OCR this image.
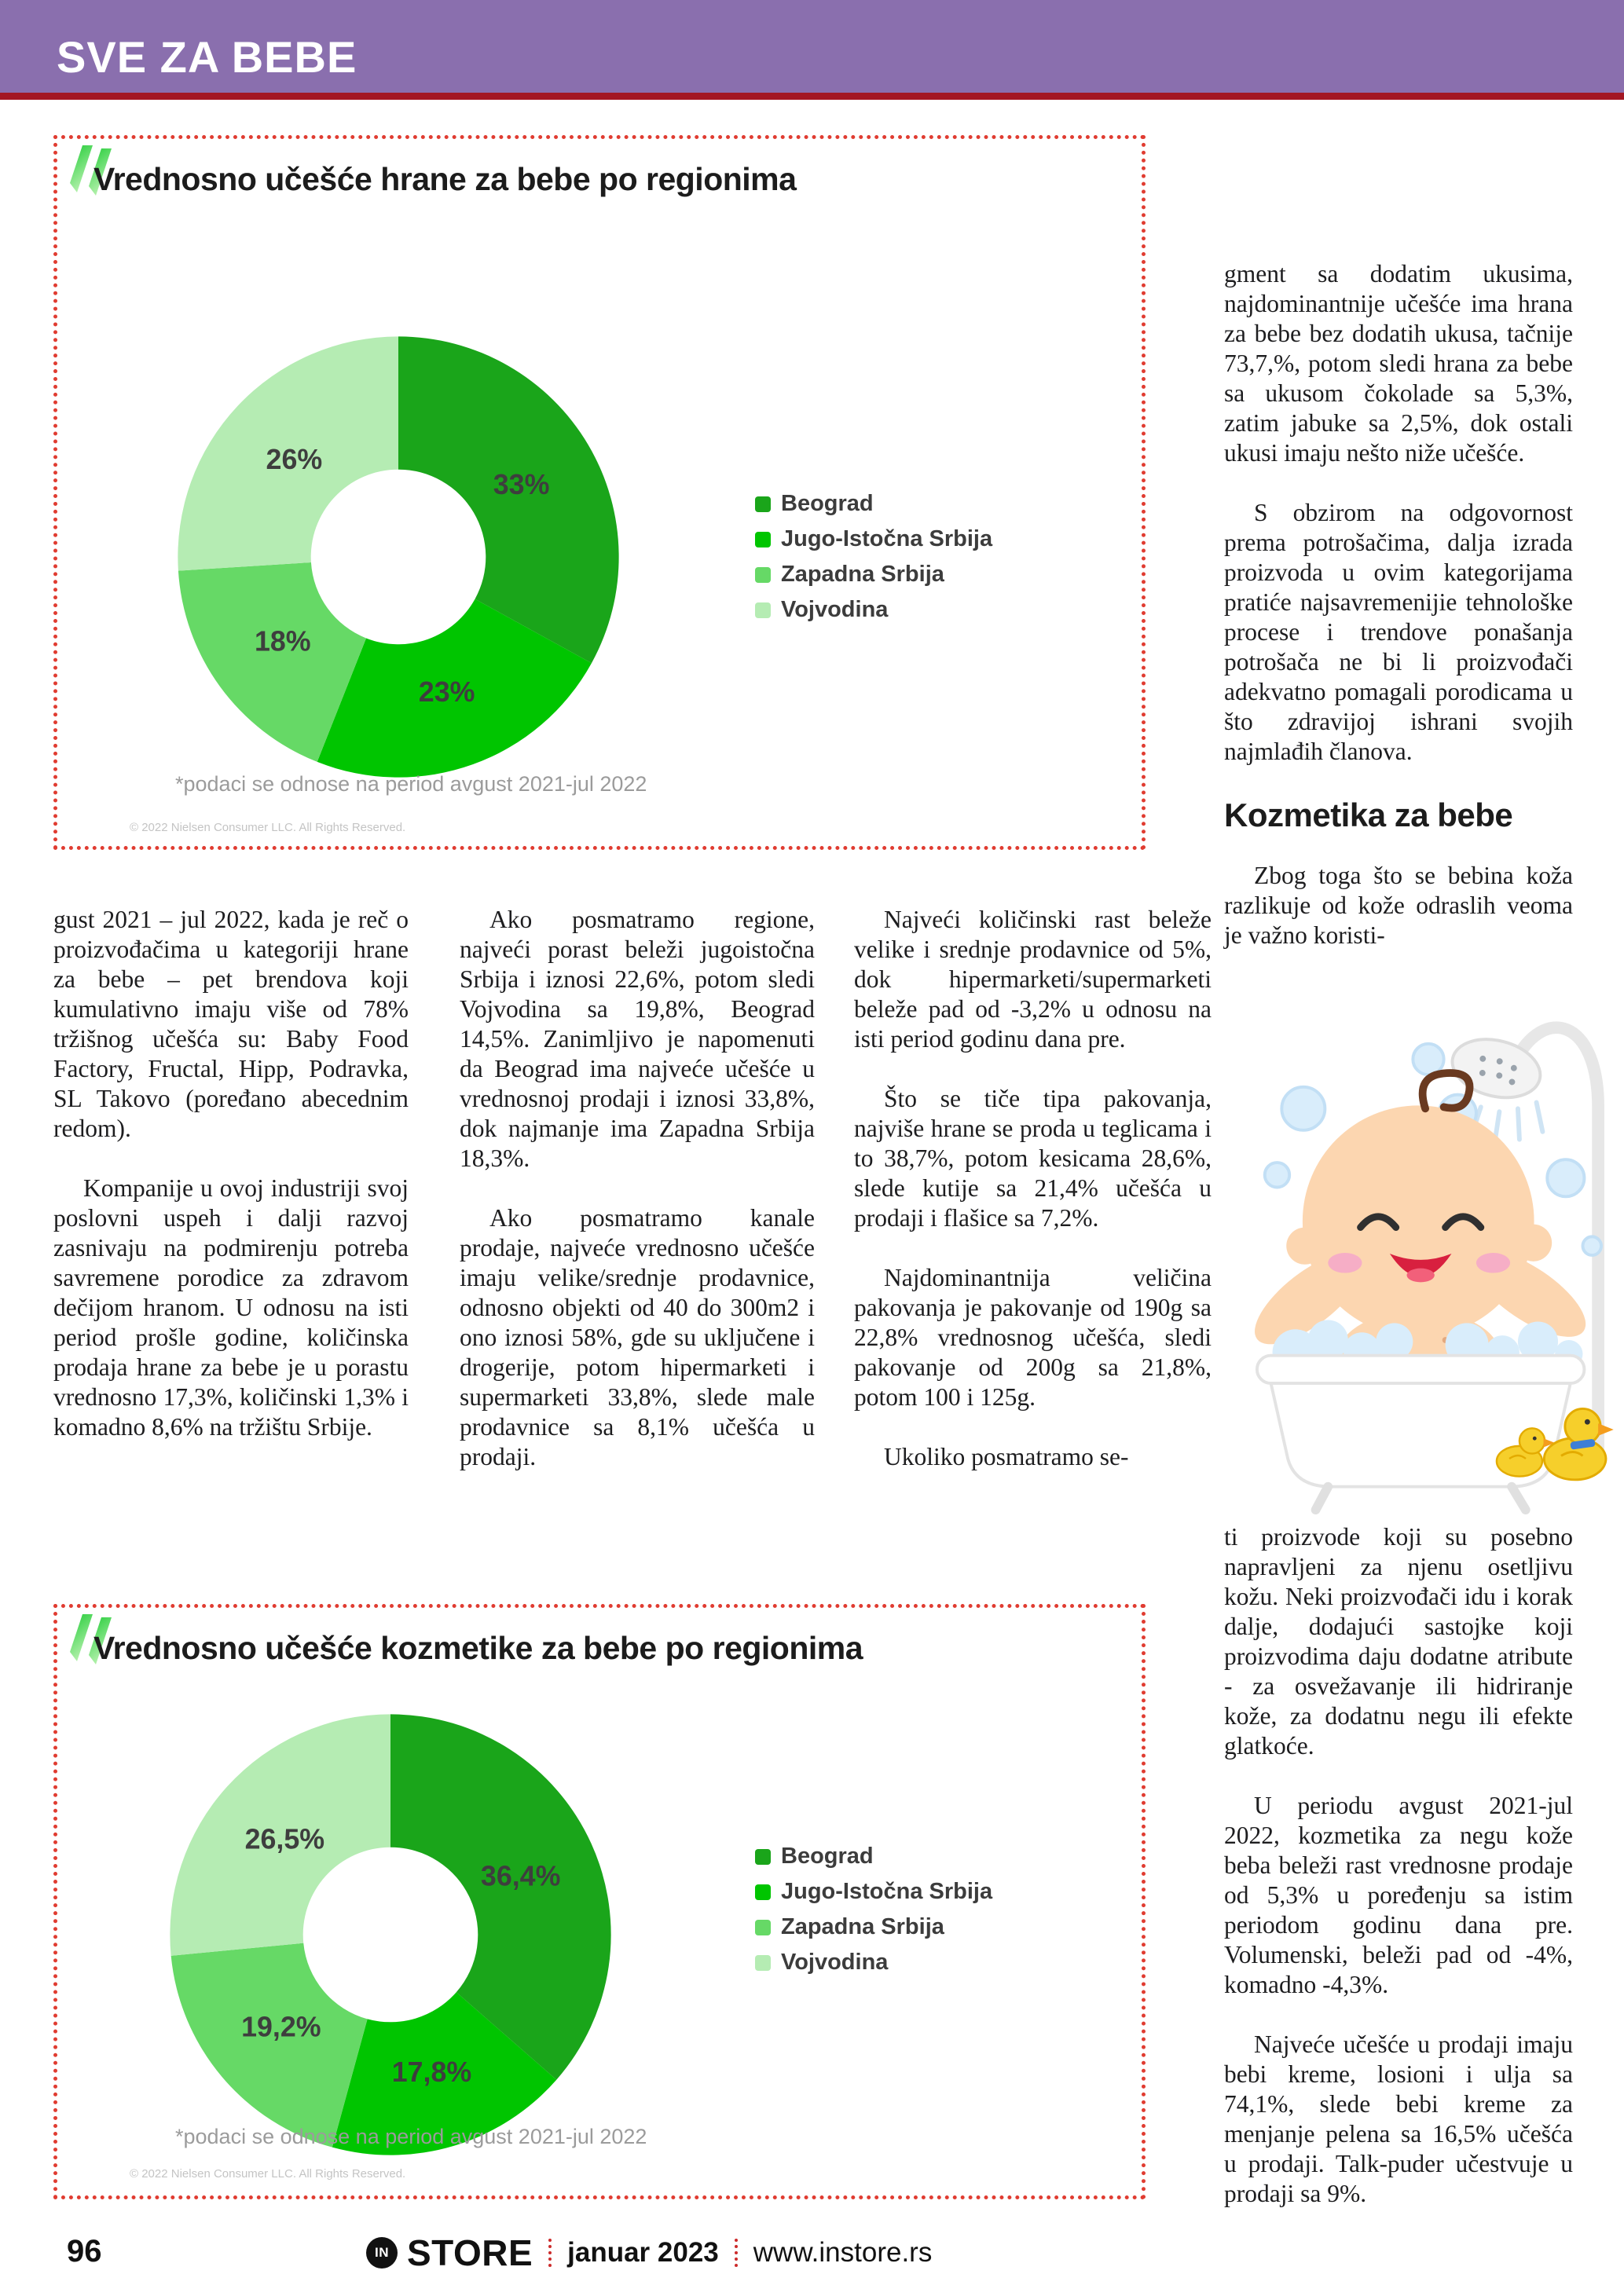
SVE ZA BEBE
Vrednosno učešće hrane za bebe po regionima
33%
23%
18%
26%
Beograd
Jugo-Istočna Srbija
Zapadna Srbija
Vojvodina

*podaci se odnose na period avgust 2021-jul 2022

© 2022 Nielsen Consumer LLC. All Rights Reserved.

gust 2021 – jul 2022, kada je reč o proizvođačima u kategoriji hrane za bebe – pet brendova koji kumulativno imaju više od 78% tržišnog učešća su: Baby Food Factory, Fructal, Hipp, Podravka, SL Takovo (poređano abecednim redom).

Kompanije u ovoj industriji svoj poslovni uspeh i dalji razvoj zasnivaju na podmirenju potreba savremene porodice za zdravom dečijom hranom. U odnosu na isti period prošle godine, količinska prodaja hrane za bebe je u porastu vrednosno 17,3%, količinski 1,3% i komadno 8,6% na tržištu Srbije.

Ako posmatramo regione, najveći porast beleži jugoistočna Srbija i iznosi 22,6%, potom sledi Vojvodina sa 19,8%, Beograd 14,5%. Zanimljivo je napomenuti da Beograd ima najveće učešće u vrednosnoj prodaji i iznosi 33,8%, dok najmanje ima Zapadna Srbija 18,3%.

Ako posmatramo kanale prodaje, najveće vrednosno učešće imaju velike/srednje prodavnice, odnosno objekti od 40 do 300m2 i ono iznosi 58%, gde su uključene i drogerije, potom hipermarketi i supermarketi 33,8%, slede male prodavnice sa 8,1% učešća u prodaji.

Najveći količinski rast beleže velike i srednje prodavnice od 5%, dok hipermarketi/supermarketi beleže pad od -3,2% u odnosu na isti period godinu dana pre.

Što se tiče tipa pakovanja, najviše hrane se proda u teglicama i to 38,7%, potom kesicama 28,6%, slede kutije sa 21,4% učešća u prodaji i flašice sa 7,2%.

Najdominantnija veličina pakovanja je pakovanje od 190g sa 22,8% vrednosnog učešća, sledi pakovanje od 200g sa 21,8%, potom 100 i 125g.

Ukoliko posmatramo se-

gment sa dodatim ukusima, najdominantnije učešće ima hrana za bebe bez dodatih ukusa, tačnije 73,7,%, potom sledi hrana za bebe sa ukusom čokolade sa 5,3%, zatim jabuke sa 2,5%, dok ostali ukusi imaju nešto niže učešće.

S obzirom na odgovornost prema potrošačima, dalja izrada proizvoda u ovim kategorijama pratiće najsavremenijie tehnološke procese i trendove ponašanja potrošača ne bi li proizvođači adekvatno pomagali porodicama u što zdravijoj ishrani svojih najmlađih članova.

Kozmetika za bebe

Zbog toga što se bebina koža razlikuje od kože odraslih veoma je važno koristi-

ti proizvode koji su posebno napravljeni za njenu osetljivu kožu. Neki proizvođači idu i korak dalje, dodajući sastojke koji proizvodima daju dodatne atribute - za osvežavanje ili hidriranje kože, za dodatnu negu ili efekte glatkoće.

U periodu avgust 2021-jul 2022, kozmetika za negu kože beba beleži rast vrednosne prodaje od 5,3% u poređenju sa istim periodom godinu dana pre. Volumenski, beleži pad od -4%, komadno -4,3%.

Najveće učešće u prodaji imaju bebi kreme, losioni i ulja sa 74,1%, slede bebi kreme za menjanje pelena sa 16,5% učešća u prodaji. Talk-puder učestvuje u prodaji sa 9%.

Vrednosno učešće kozmetike za bebe po regionima
36,4%
17,8%
19,2%
26,5%
Beograd
Jugo-Istočna Srbija
Zapadna Srbija
Vojvodina

*podaci se odnose na period avgust 2021-jul 2022

© 2022 Nielsen Consumer LLC. All Rights Reserved.

96	IN STORE januar 2023 www.instore.rs
